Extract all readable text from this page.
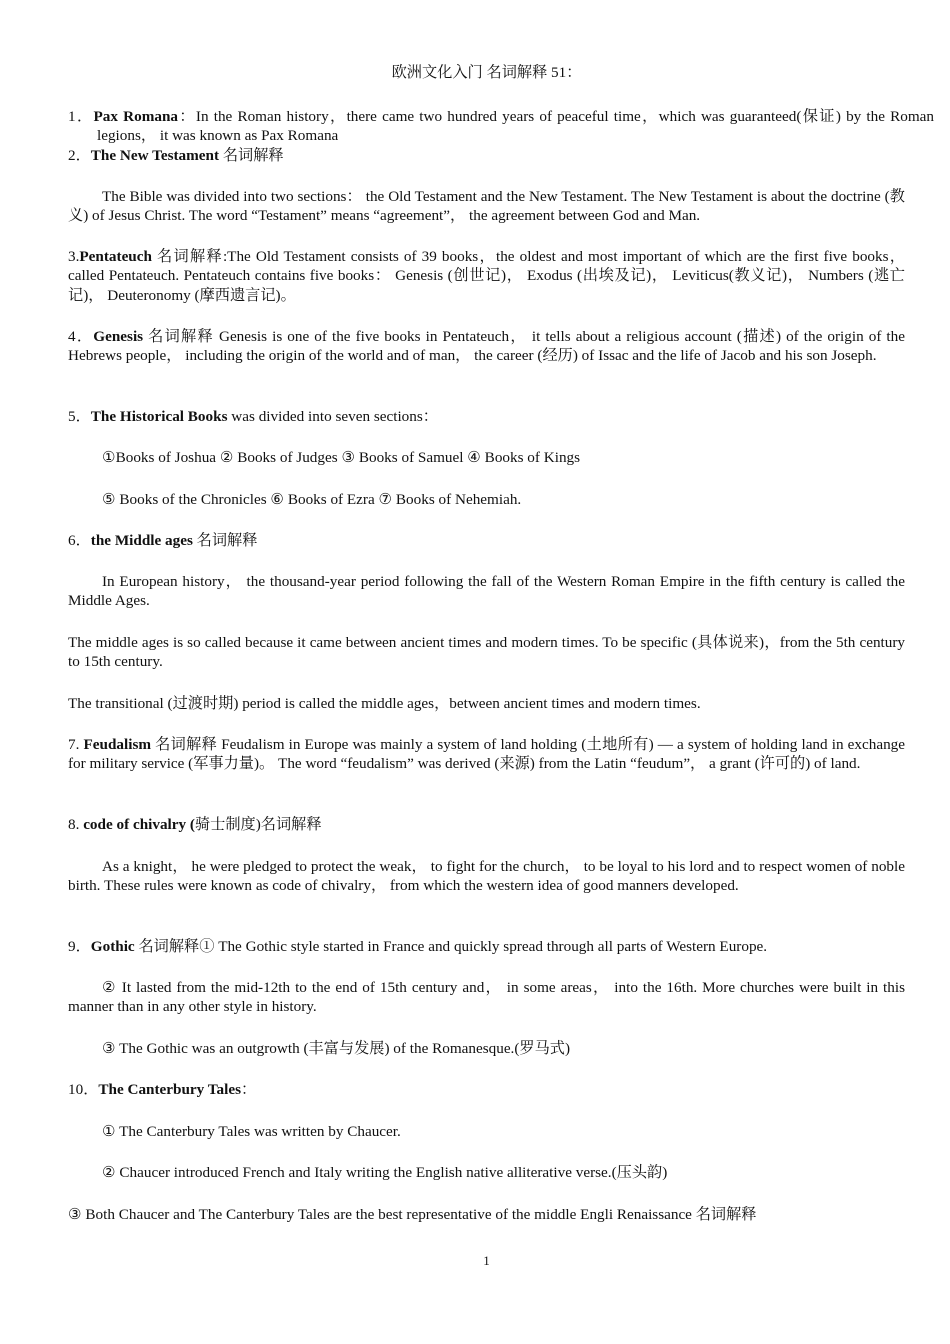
欧洲文化入门 名词解释 51：
1．Pax Romana：In the Roman history，there came two hundred years of peaceful time，which was guaranteed(保证) by the Roman legions， it was known as Pax Romana
2．The New Testament 名词解释
The Bible was divided into two sections： the Old Testament and the New Testament. The New Testament is about the doctrine (教义) of Jesus Christ. The word “Testament” means “agreement”， the agreement between God and Man.
3.Pentateuch 名词解释:The Old Testament consists of 39 books，the oldest and most important of which are the first five books， called Pentateuch. Pentateuch contains five books： Genesis (创世记)， Exodus (出埃及记)， Leviticus(教义记)， Numbers (逃亡记)， Deuteronomy (摩西遗言记)。
4．Genesis 名词解释 Genesis is one of the five books in Pentateuch， it tells about a religious account (描述) of the origin of the Hebrews people， including the origin of the world and of man， the career (经历) of Issac and the life of Jacob and his son Joseph.
5．The Historical Books was divided into seven sections：
①Books of Joshua ② Books of Judges ③ Books of Samuel ④ Books of Kings
⑤ Books of the Chronicles ⑥ Books of Ezra ⑦ Books of Nehemiah.
6．the Middle ages 名词解释
In European history， the thousand-year period following the fall of the Western Roman Empire in the fifth century is called the Middle Ages.
The middle ages is so called because it came between ancient times and modern times. To be specific (具体说来)，from the 5th century to 15th century.
The transitional (过渡时期) period is called the middle ages，between ancient times and modern times.
7. Feudalism 名词解释 Feudalism in Europe was mainly a system of land holding (土地所有) — a system of holding land in exchange for military service (军事力量)。 The word “feudalism” was derived (来源) from the Latin “feudum”， a grant (许可的) of land.
8. code of chivalry (骑士制度)名词解释
As a knight， he were pledged to protect the weak， to fight for the church， to be loyal to his lord and to respect women of noble birth. These rules were known as code of chivalry， from which the western idea of good manners developed.
9．Gothic 名词解释① The Gothic style started in France and quickly spread through all parts of Western Europe.
② It lasted from the mid-12th to the end of 15th century and， in some areas， into the 16th. More churches were built in this manner than in any other style in history.
③ The Gothic was an outgrowth (丰富与发展) of the Romanesque.(罗马式)
10．The Canterbury Tales：
① The Canterbury Tales was written by Chaucer.
② Chaucer introduced French and Italy writing the English native alliterative verse.(压头韵)
③ Both Chaucer and The Canterbury Tales are the best representative of the middle Engli Renaissance 名词解释
1
